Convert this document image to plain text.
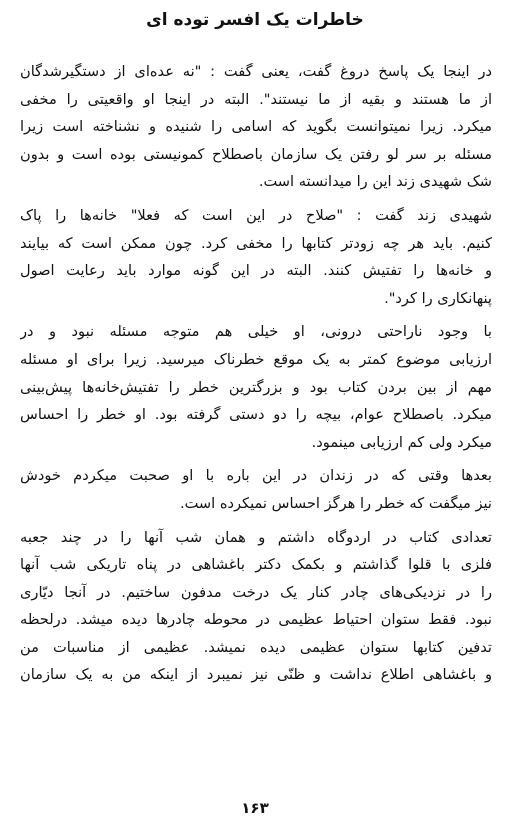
خاطرات یک افسر توده ای

در اینجا یک پاسخ دروغ گفت، یعنی گفت : "نه عده‌ای از دستگیرشدگان
از ما هستند و بقیه از ما نیستند". البته در اینجا او واقعیتی را مخفی
میکرد. زیرا نمیتوانست بگوید که اسامی را شنیده و نشناخته است زیرا
مسئله بر سر لو رفتن یک سازمان باصطلاح کمونیستی بوده است و بدون
شک شهیدی زند این را میدانسته است.

شهیدی زند گفت : "صلاح در این است که فعلا" خانه‌ها را پاک
کنیم. باید هر چه زودتر کتابها را مخفی کرد. چون ممکن است که بیایند
و خانه‌ها را تفتیش کنند. البته در این گونه موارد باید رعایت اصول
پنهانکاری را کرد".

با وجود ناراحتی درونی، او خیلی هم متوجه مسئله نبود و در
ارزیابی موضوع کمتر به یک موقع خطرناک میرسید. زیرا برای او مسئله
مهم از بین بردن کتاب بود و بزرگترین خطر را تفتیش‌خانه‌ها پیش‌بینی
میکرد. باصطلاح عوام، بیچه را دو دستی گرفته بود. او خطر را احساس
میکرد ولی کم ارزیابی مینمود.

بعدها وقتی که در زندان در این باره با او صحبت میکردم خودش
نیز میگفت که خطر را هرگز احساس نمیکرده است.

تعدادی کتاب در اردوگاه داشتم و همان شب آنها را در چند جعبه
فلزی با قلوا گذاشتم و بکمک دکتر باغشاهی در پناه تاریکی شب آنها
را در نزدیکی‌های چادر کنار یک درخت مدفون ساختیم. در آنجا دیّاری
نبود. فقط ستوان احتیاط عظیمی در محوطه چادرها دیده میشد. درلحظه
تدفین کتابها ستوان عظیمی دیده نمیشد. عظیمی از مناسبات من
و باغشاهی اطلاع نداشت و ظنّی نیز نمیبرد از اینکه من به یک سازمان

۱۶۳
